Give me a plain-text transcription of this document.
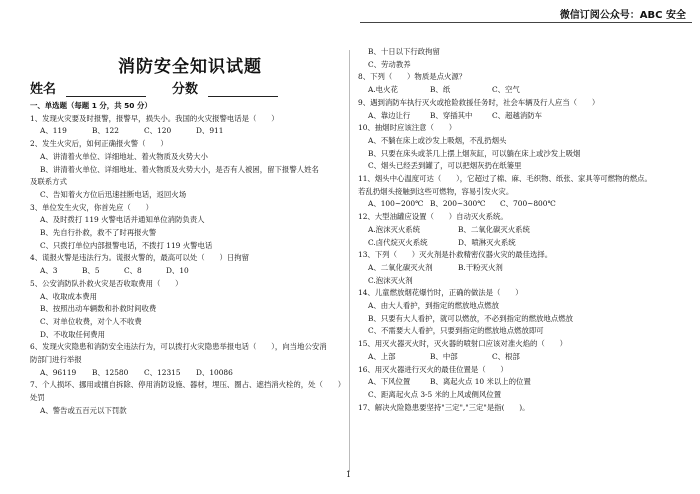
微信订阅公众号：ABC 安全
消防安全知识试题
姓名	分数
一、单选题（每题 1 分，共 50 分）
1、发现火灾要及时报警，报警早，损失小。我国的火灾报警电话是（　　）
A、119	B、122	C、120	D、911
2、发生火灾后，如何正确报火警（　　）
A、讲清着火单位、详细地址、着火物质及火势大小
B、讲清着火单位、详细地址、着火物质及火势大小，是否有人被困，留下报警人姓名
及联系方式
C、告知着火方位后迅速挂断电话，返回火场
3、单位发生火灾，你首先应（　　）
A、及时拨打 119 火警电话并通知单位消防负责人
B、先自行扑救，救不了时再报火警
C、只拨打单位内部报警电话，不拨打 119 火警电话
4、谎报火警是违法行为。谎报火警的，最高可以处（　　）日拘留
A、3	B、5	C、8	D、10
5、公安消防队扑救火灾是否收取费用（　　）
A、收取成本费用
B、按照出动车辆数和扑救时间收费
C、对单位收费，对个人不收费
D、不收取任何费用
6、发现火灾隐患和消防安全违法行为，可以拨打火灾隐患举报电话（　　），向当地公安消
防部门进行举报
A、96119	B、12580	C、12315	D、10086
7、个人损坏、挪用或擅自拆除、停用消防设施、器材，埋压、圈占、遮挡消火栓的，处（　　）
处罚
A、警告或五百元以下罚款
B、十日以下行政拘留
C、劳动教养
8、下列（　　）物质是点火源？
A.电火花	B、纸	C、空气
9、遇到消防车执行灭火或抢险救援任务时，社会车辆及行人应当（　　）
A、靠边让行	B、穿插其中	C、超越消防车
10、抽烟时应该注意（　　）
A、不躺在床上或沙发上吸烟，不乱扔烟头
B、只要在床头或茶几上摆上烟灰缸，可以躺在床上或沙发上吸烟
C、烟头已经丢到罐了，可以把烟灰扔在纸篓里
11、烟头中心温度可达（　　），它超过了棉、麻、毛织物、纸张、家具等可燃物的燃点。
若乱扔烟头接触到这些可燃物，容易引发火灾。
A、100~200℃ B、200~300℃	C、700~800℃
12、大型油罐应设置（　　）自动灭火系统。
A.泡沫灭火系统	B、二氧化碳灭火系统
C.卤代烷灭火系统	D、喷淋灭火系统
13、下列（　　）灭火剂是扑救精密仪器火灾的最佳选择。
A、二氧化碳灭火剂	B.干粉灭火剂
C.泡沫灭火剂
14、儿童燃放烟花爆竹时，正确的做法是（　　）
A、由大人看护，到指定的燃放地点燃放
B、只要有大人看护，就可以燃放，不必到指定的燃放地点燃放
C、不需要大人看护，只要到指定的燃放地点燃放即可
15、用灭火器灭火时，灭火器的喷射口应该对准火焰的（　　）
A、上部	B、中部	C、根部
16、用灭火器进行灭火的最佳位置是（　　）
A、下风位置	B、离起火点 10 米以上的位置
C、距离起火点 3-5 米的上风或侧风位置
17、解决火险隐患要坚持"三定","三定"是指(　　)。
1
